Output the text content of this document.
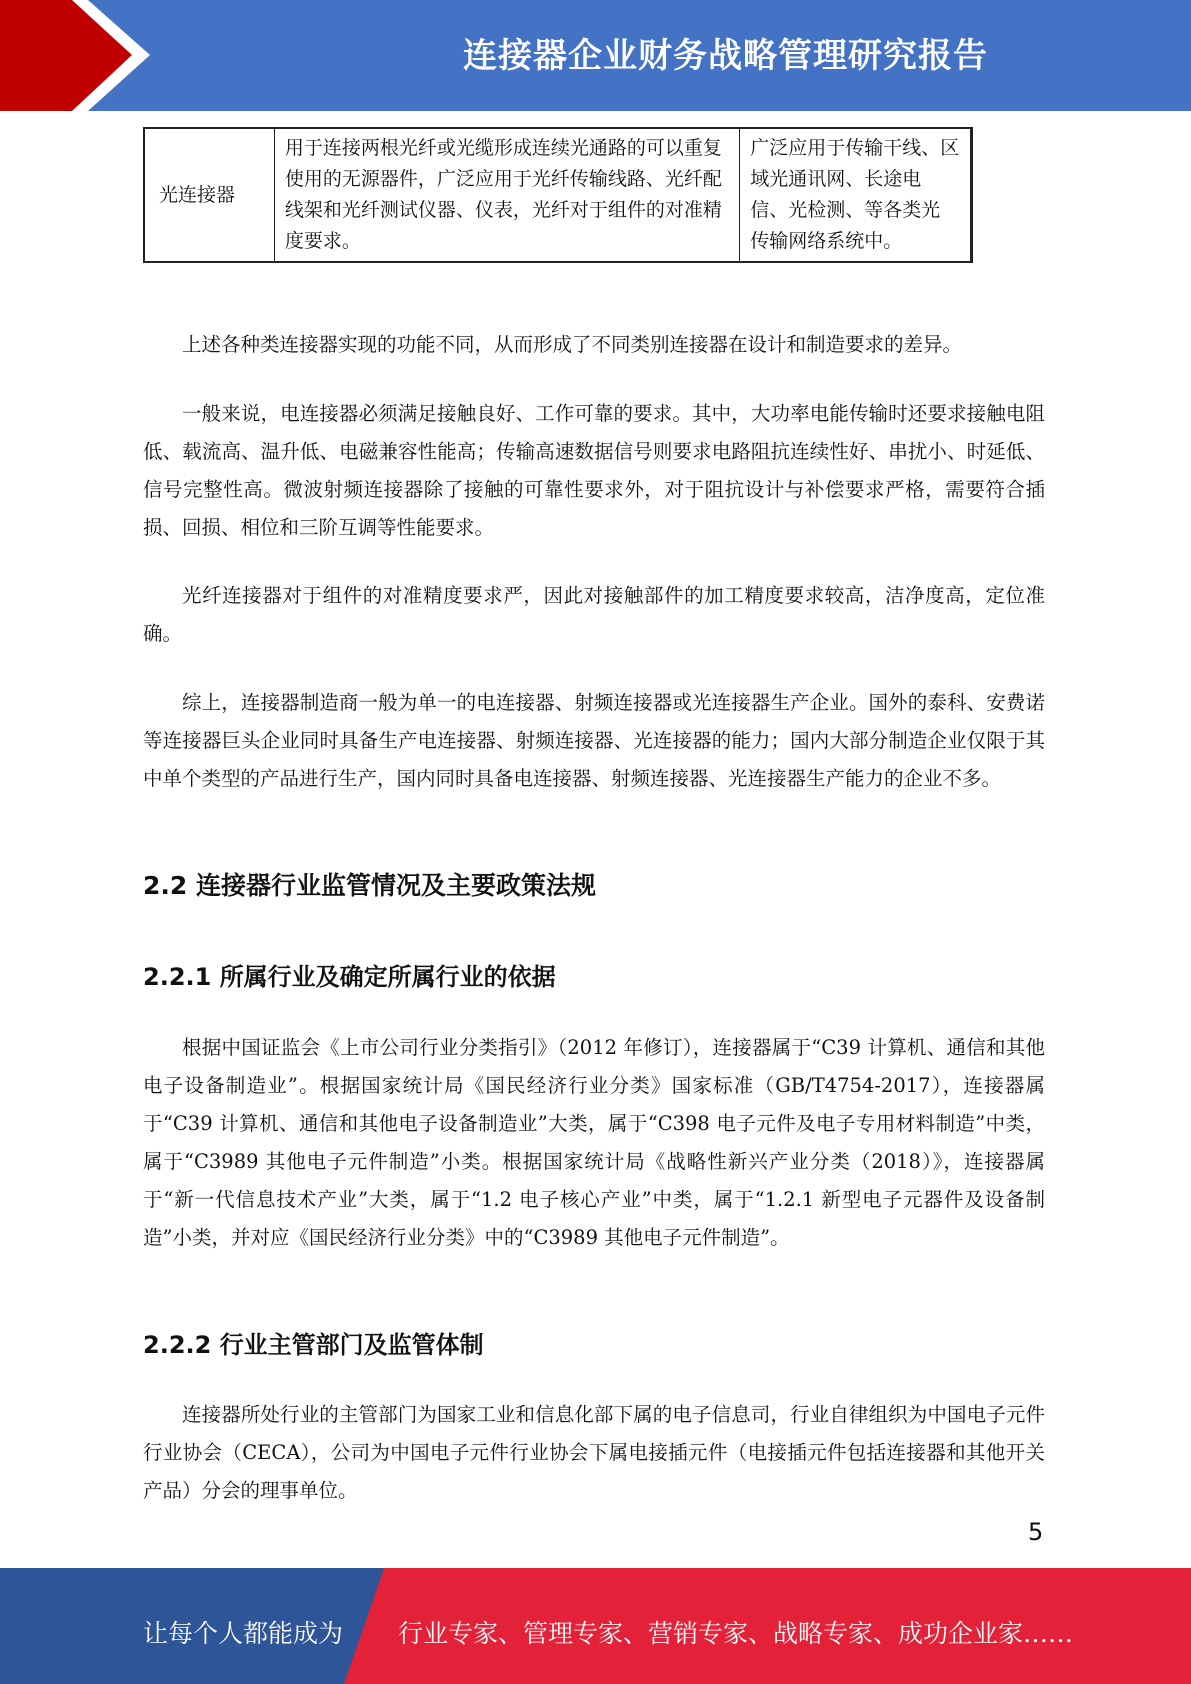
连接器企业财务战略管理研究报告
光连接器	用于连接两根光纤或光缆形成连续光通路的可以重复使用的无源器件，广泛应用于光纤传输线路、光纤配线架和光纤测试仪器、仪表，光纤对于组件的对准精度要求。	广泛应用于传输干线、区域光通讯网、长途电 信、光检测、等各类光 传输网络系统中。

上述各种类连接器实现的功能不同，从而形成了不同类别连接器在设计和制造要求的差异。

一般来说，电连接器必须满足接触良好、工作可靠的要求。其中，大功率电能传输时还要求接触电阻低、载流高、温升低、电磁兼容性能高；传输高速数据信号则要求电路阻抗连续性好、串扰小、时延低、信号完整性高。微波射频连接器除了接触的可靠性要求外，对于阻抗设计与补偿要求严格，需要符合插损、回损、相位和三阶互调等性能要求。

光纤连接器对于组件的对准精度要求严，因此对接触部件的加工精度要求较高，洁净度高，定位准确。

综上，连接器制造商一般为单一的电连接器、射频连接器或光连接器生产企业。国外的泰科、安费诺等连接器巨头企业同时具备生产电连接器、射频连接器、光连接器的能力；国内大部分制造企业仅限于其中单个类型的产品进行生产，国内同时具备电连接器、射频连接器、光连接器生产能力的企业不多。

2.2 连接器行业监管情况及主要政策法规
2.2.1 所属行业及确定所属行业的依据

根据中国证监会《上市公司行业分类指引》（2012 年修订），连接器属于“C39 计算机、通信和其他电子设备制造业”。根据国家统计局《国民经济行业分类》国家标准（GB/T4754-2017），连接器属于“C39 计算机、通信和其他电子设备制造业”大类，属于“C398 电子元件及电子专用材料制造”中类，属于“C3989 其他电子元件制造”小类。根据国家统计局《战略性新兴产业分类（2018）》，连接器属于“新一代信息技术产业”大类，属于“1.2 电子核心产业”中类，属于“1.2.1 新型电子元器件及设备制造”小类，并对应《国民经济行业分类》中的“C3989 其他电子元件制造”。

2.2.2 行业主管部门及监管体制

连接器所处行业的主管部门为国家工业和信息化部下属的电子信息司，行业自律组织为中国电子元件行业协会（CECA），公司为中国电子元件行业协会下属电接插元件（电接插元件包括连接器和其他开关产品）分会的理事单位。

5
让每个人都能成为 行业专家、管理专家、营销专家、战略专家、成功企业家……
